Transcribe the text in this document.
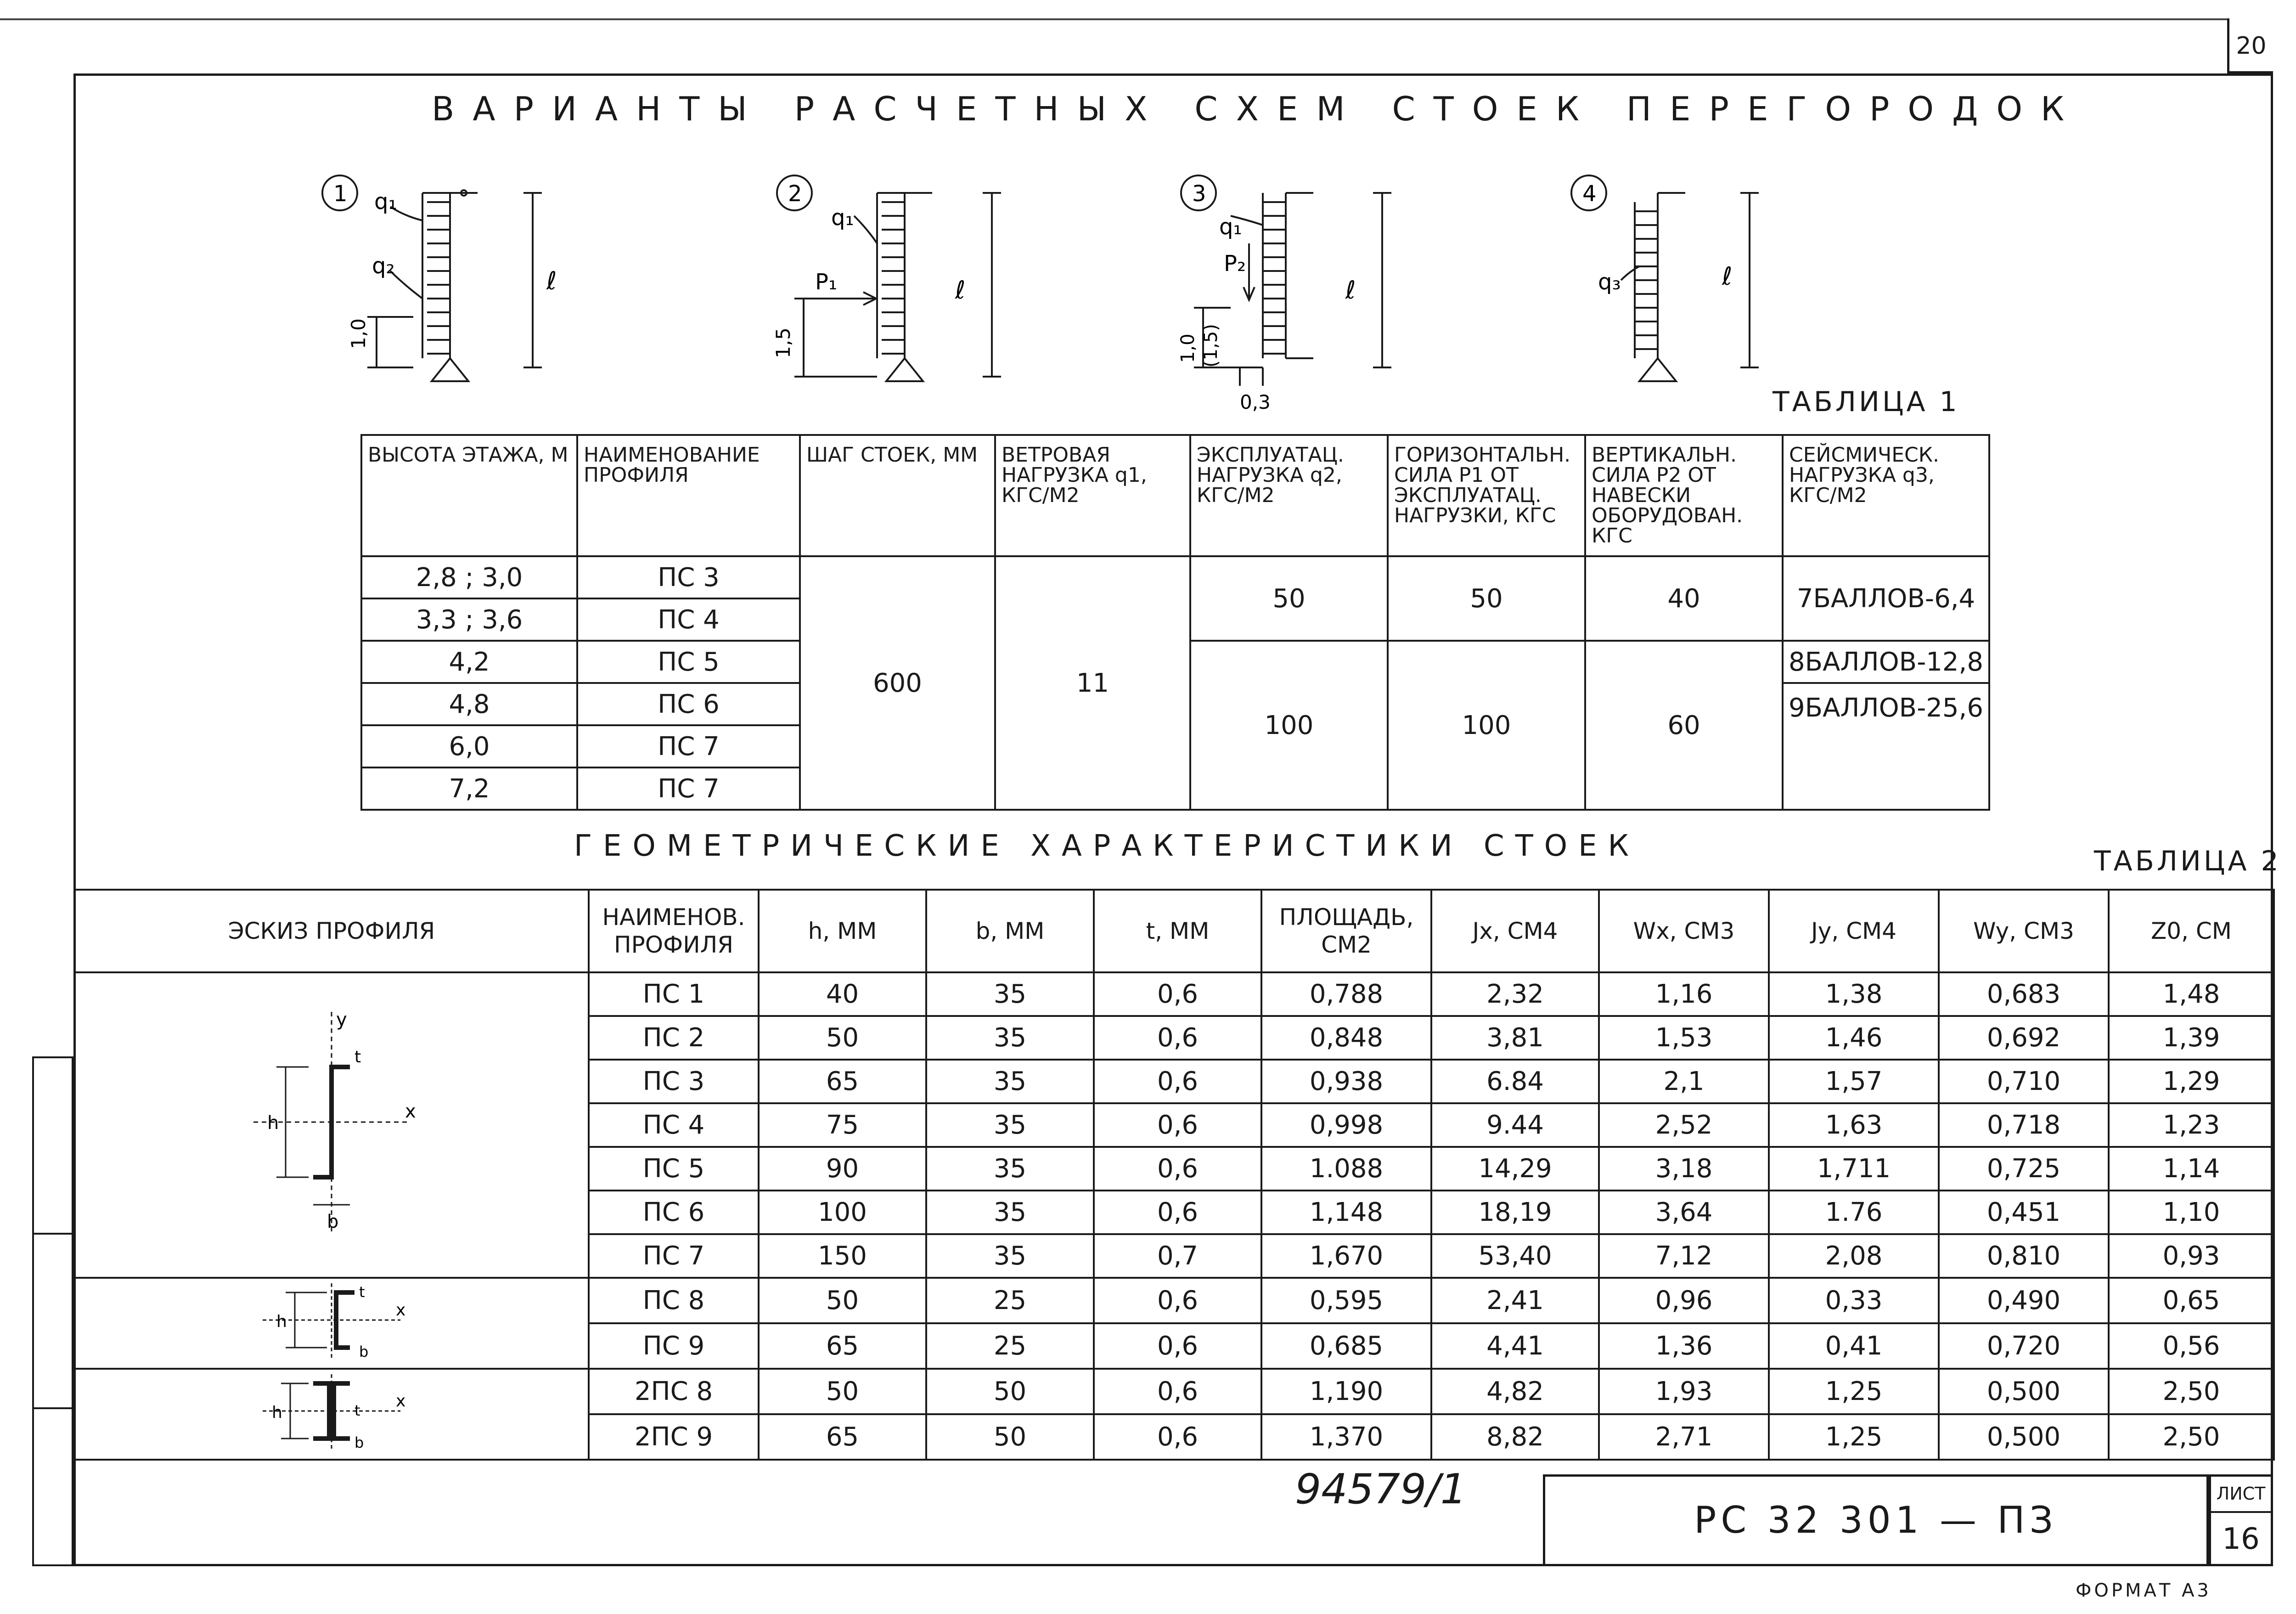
20
ВАРИАНТЫ РАСЧЕТНЫХ СХЕМ СТОЕК ПЕРЕГОРОДОК
q₁
q₂
1,0
ℓ
1
q₁
P₁
1,5
ℓ
2
q₁
P₂
1,0 (1,5)
0,3
ℓ
3
q₃	ℓ
4
ТАБЛИЦА 1
ВЫСОТА ЭТАЖА, М	НАИМЕНОВАНИЕ ПРОФИЛЯ	ШАГ СТОЕК, ММ	ВЕТРОВАЯ НАГРУЗКА q1, КГС/М2	ЭКСПЛУАТАЦ. НАГРУЗКА q2, КГС/М2	ГОРИЗОНТАЛЬН. СИЛА P1 ОТ ЭКСПЛУАТАЦ. НАГРУЗКИ, КГС	ВЕРТИКАЛЬН. СИЛА P2 ОТ НАВЕСКИ ОБОРУДОВАН. КГС	СЕЙСМИЧЕСК. НАГРУЗКА q3, КГС/М2
2,8 ; 3,0	ПС 3	600	11	50	50	40	7БАЛЛОВ-6,4
3,3 ; 3,6	ПС 4						
4,2	ПС 5			100	100	60	8БАЛЛОВ-12,8
4,8	ПС 6						9БАЛЛОВ-25,6
6,0	ПС 7						
7,2	ПС 7						
ГЕОМЕТРИЧЕСКИЕ ХАРАКТЕРИСТИКИ СТОЕК	ТАБЛИЦА 2
ЭСКИЗ ПРОФИЛЯ	НАИМЕНОВ. ПРОФИЛЯ	h, ММ	b, ММ	t, ММ	ПЛОЩАДЬ, СМ2	Jx, СМ4	Wx, СМ3	Jy, СМ4	Wy, СМ3	Z0, СМ

y
x
h
b
t	ПС 1	40	35	0,6	0,788	2,32	1,16	1,38	0,683	1,48
	ПС 2	50	35	0,6	0,848	3,81	1,53	1,46	0,692	1,39
	ПС 3	65	35	0,6	0,938	6.84	2,1	1,57	0,710	1,29
	ПС 4	75	35	0,6	0,998	9.44	2,52	1,63	0,718	1,23
	ПС 5	90	35	0,6	1.088	14,29	3,18	1,711	0,725	1,14
	ПС 6	100	35	0,6	1,148	18,19	3,64	1.76	0,451	1,10
	ПС 7	150	35	0,7	1,670	53,40	7,12	2,08	0,810	0,93

h
x
t
b	ПС 8	50	25	0,6	0,595	2,41	0,96	0,33	0,490	0,65
	ПС 9	65	25	0,6	0,685	4,41	1,36	0,41	0,720	0,56

h
x
t
b	2ПС 8	50	50	0,6	1,190	4,82	1,93	1,25	0,500	2,50
	2ПС 9	65	50	0,6	1,370	8,82	2,71	1,25	0,500	2,50
94579/1
РС 32 301 — ПЗ
ЛИСТ
16
ФОРМАТ А3
